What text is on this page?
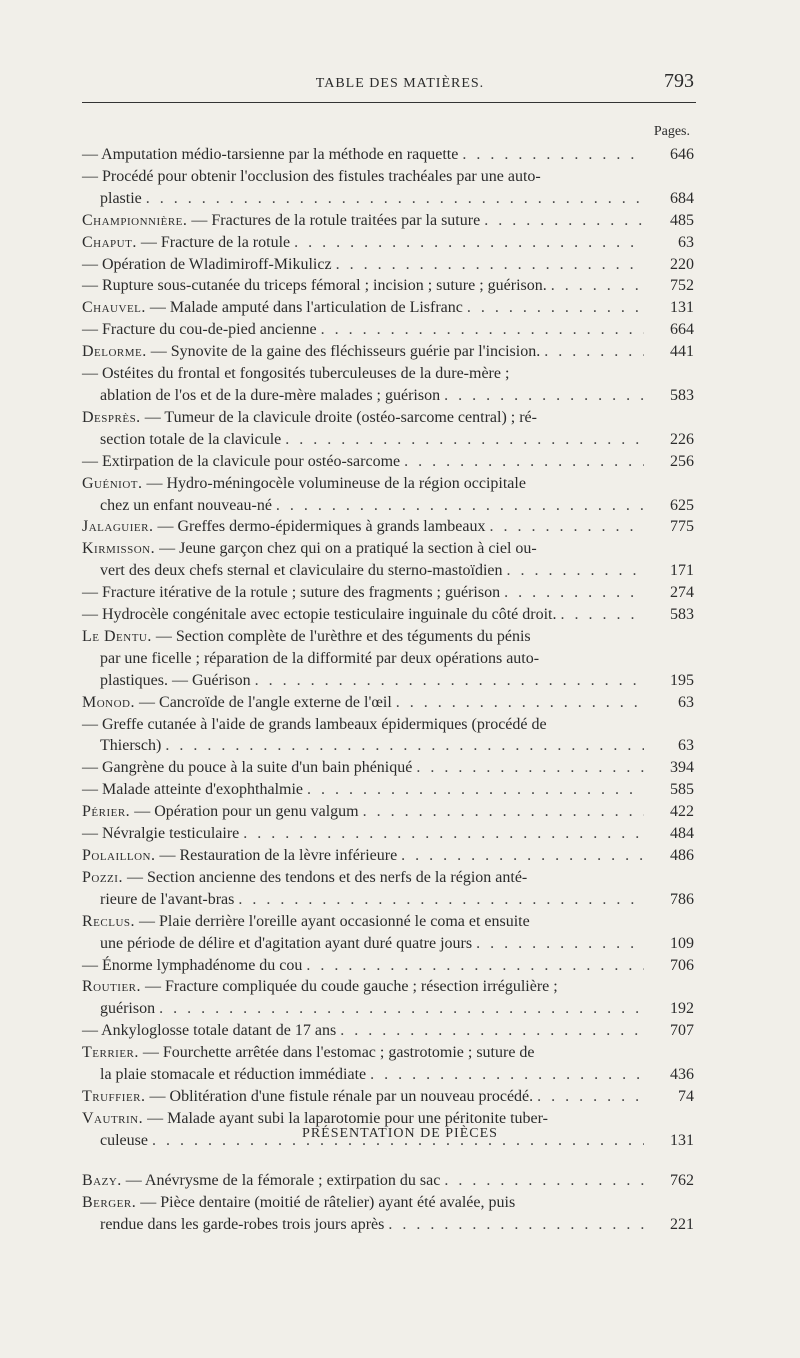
TABLE DES MATIÈRES.	793
Pages.
— Amputation médio-tarsienne par la méthode en raquette . . .	646
— Procédé pour obtenir l'occlusion des fistules trachéales par une auto-
plastie . . .	684
Championnière. — Fractures de la rotule traitées par la suture . . .	485
Chaput. — Fracture de la rotule . . .	63
— Opération de Wladimiroff-Mikulicz . . .	220
— Rupture sous-cutanée du triceps fémoral ; incision ; suture ; guérison. . . .	752
Chauvel. — Malade amputé dans l'articulation de Lisfranc . . .	131
— Fracture du cou-de-pied ancienne . . .	664
Delorme. — Synovite de la gaine des fléchisseurs guérie par l'incision. . . .	441
— Ostéites du frontal et fongosités tuberculeuses de la dure-mère ;
ablation de l'os et de la dure-mère malades ; guérison . . .	583
Desprès. — Tumeur de la clavicule droite (ostéo-sarcome central) ; ré-
section totale de la clavicule . . .	226
— Extirpation de la clavicule pour ostéo-sarcome . . .	256
Guéniot. — Hydro-méningocèle volumineuse de la région occipitale
chez un enfant nouveau-né . . .	625
Jalaguier. — Greffes dermo-épidermiques à grands lambeaux . . .	775
Kirmisson. — Jeune garçon chez qui on a pratiqué la section à ciel ou-
vert des deux chefs sternal et claviculaire du sterno-mastoïdien . . .	171
— Fracture itérative de la rotule ; suture des fragments ; guérison . . .	274
— Hydrocèle congénitale avec ectopie testiculaire inguinale du côté droit. . . .	583
Le Dentu. — Section complète de l'urèthre et des téguments du pénis
par une ficelle ; réparation de la difformité par deux opérations auto-
plastiques. — Guérison . . .	195
Monod. — Cancroïde de l'angle externe de l'œil . . .	63
— Greffe cutanée à l'aide de grands lambeaux épidermiques (procédé de
Thiersch) . . .	63
— Gangrène du pouce à la suite d'un bain phéniqué . . .	394
— Malade atteinte d'exophthalmie . . .	585
Périer. — Opération pour un genu valgum . . .	422
— Névralgie testiculaire . . .	484
Polaillon. — Restauration de la lèvre inférieure . . .	486
Pozzi. — Section ancienne des tendons et des nerfs de la région anté-
rieure de l'avant-bras . . .	786
Reclus. — Plaie derrière l'oreille ayant occasionné le coma et ensuite
une période de délire et d'agitation ayant duré quatre jours . . .	109
— Énorme lymphadénome du cou . . .	706
Routier. — Fracture compliquée du coude gauche ; résection irrégulière ;
guérison . . .	192
— Ankyloglosse totale datant de 17 ans . . .	707
Terrier. — Fourchette arrêtée dans l'estomac ; gastrotomie ; suture de
la plaie stomacale et réduction immédiate . . .	436
Truffier. — Oblitération d'une fistule rénale par un nouveau procédé. . . .	74
Vautrin. — Malade ayant subi la laparotomie pour une péritonite tuber-
culeuse . . .	131
PRÉSENTATION DE PIÈCES
Bazy. — Anévrysme de la fémorale ; extirpation du sac . . .	762
Berger. — Pièce dentaire (moitié de râtelier) ayant été avalée, puis
rendue dans les garde-robes trois jours après . . .	221
